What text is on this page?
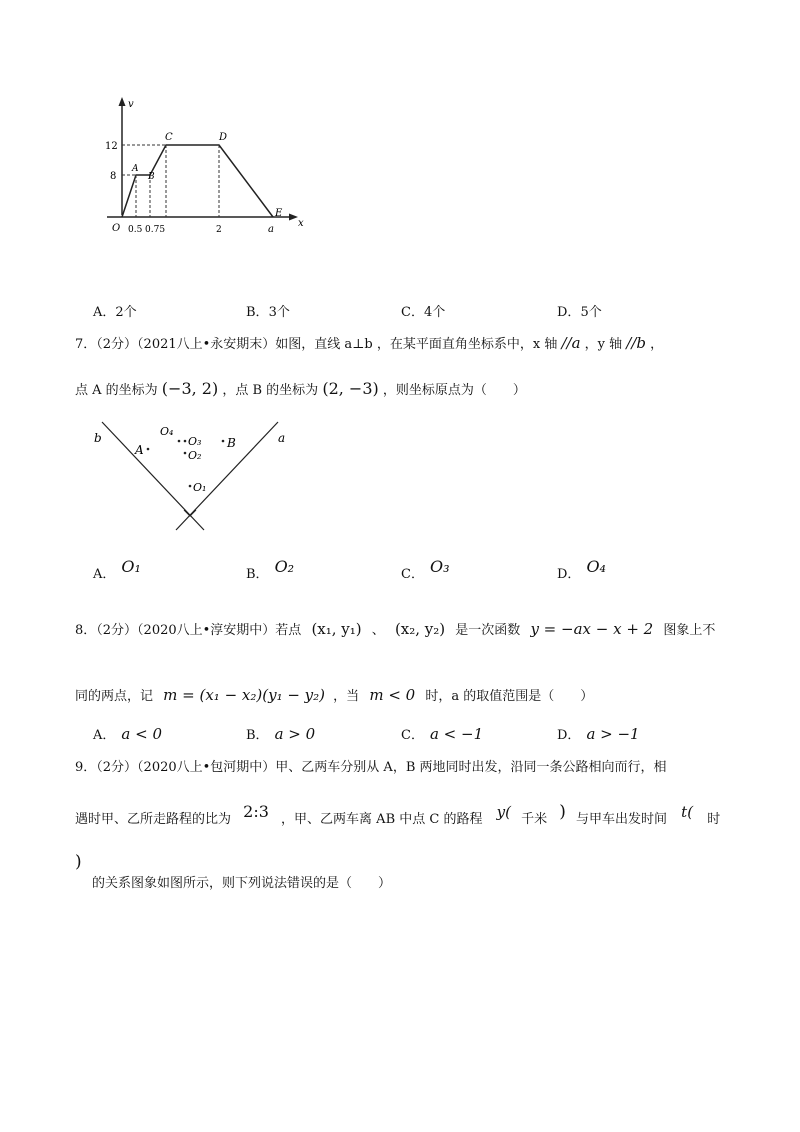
v
x
12
8
O 0.5 0.75	2	a
A
B
C	D
E
A．2个	B．3个	C．4个	D．5个
7．（2分）（2021八上•永安期末）如图，直线 a⊥b ，在某平面直角坐标系中，x 轴 //a ，y 轴 //b ，
点 A 的坐标为 (−3, 2) ，点 B 的坐标为 (2, −3) ，则坐标原点为（　　）
b	a
A
O₄
O₃ B
O₂
O₁
A． O₁	B． O₂	C． O₃	D． O₄
8．（2分）（2020八上•淳安期中）若点 (x₁, y₁) 、 (x₂, y₂) 是一次函数 y = −ax − x + 2 图象上不
同的两点，记 m = (x₁ − x₂)(y₁ − y₂) ，当 m < 0 时，a 的取值范围是（　　）
A． a < 0	B． a > 0	C． a < −1	D． a > −1
9．（2分）（2020八上•包河期中）甲、乙两车分别从 A，B 两地同时出发，沿同一条公路相向而行，相
遇时甲、乙所走路程的比为 2:3 ，甲、乙两车离 AB 中点 C 的路程 y( 千米 ) 与甲车出发时间 t( 时
)
的关系图象如图所示，则下列说法错误的是（　　）
